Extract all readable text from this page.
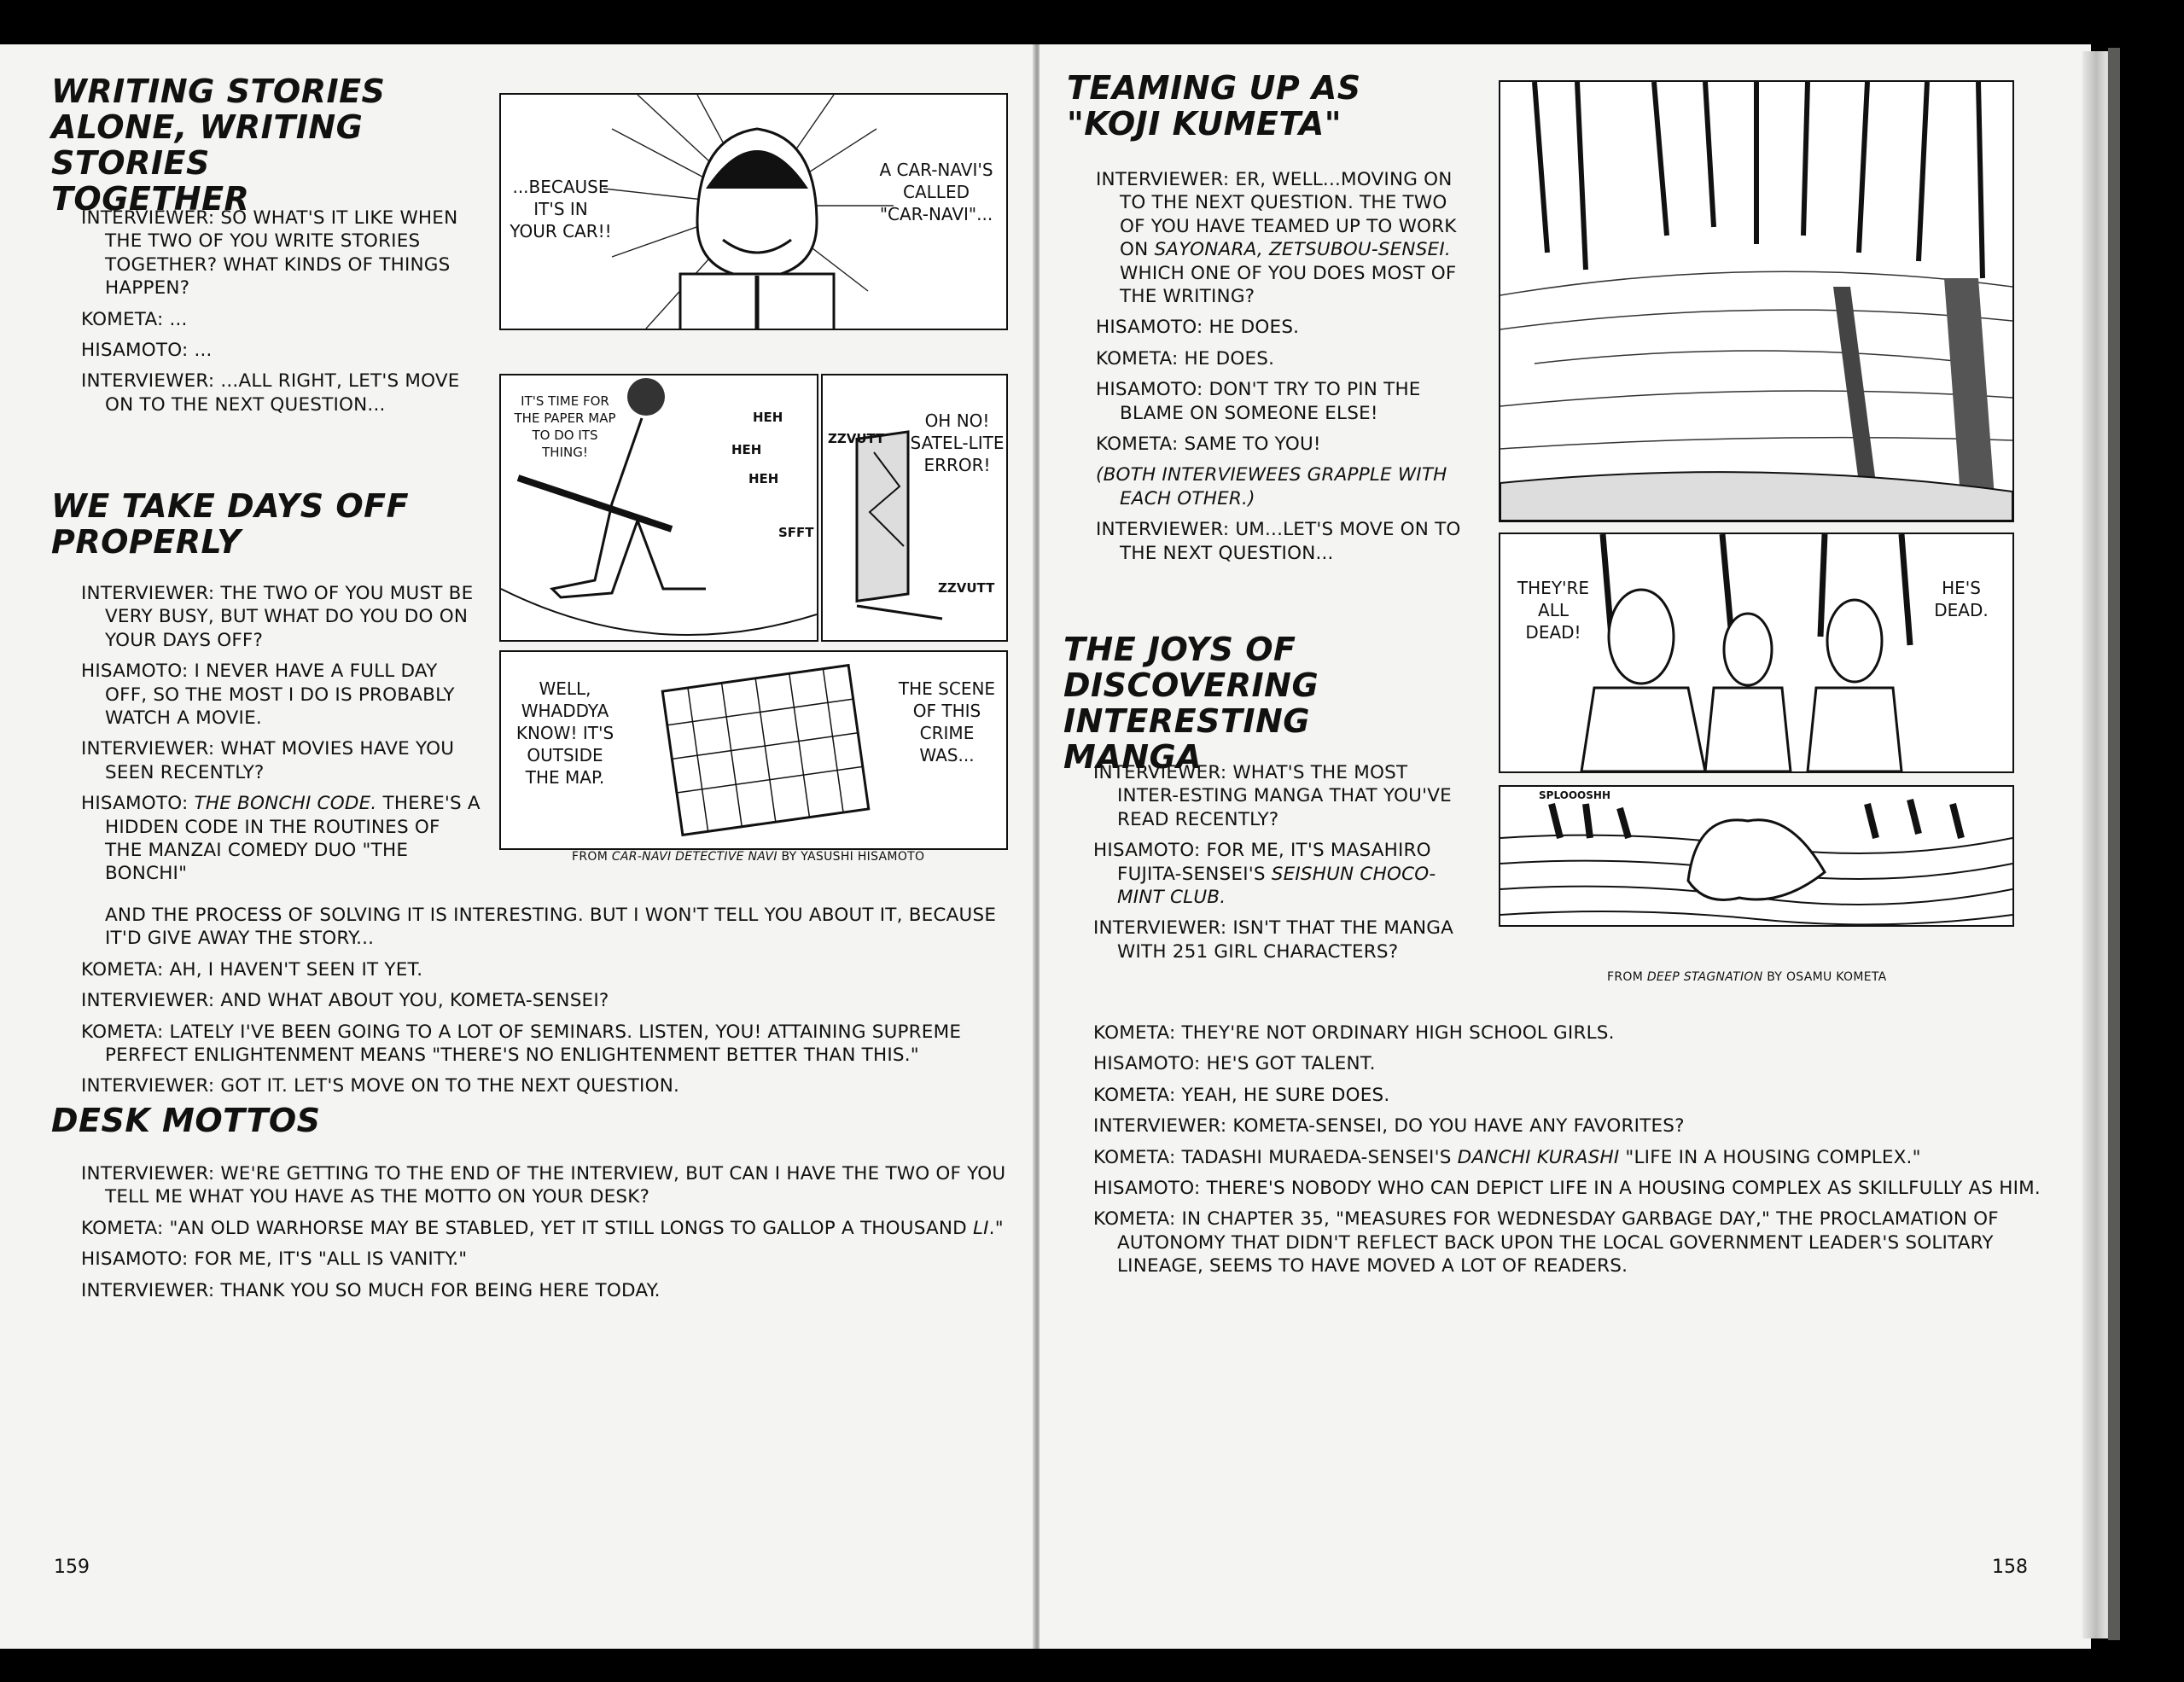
WRITING STORIES ALONE, WRITING STORIES TOGETHER

INTERVIEWER: SO WHAT'S IT LIKE WHEN THE TWO OF YOU WRITE STORIES TOGETHER? WHAT KINDS OF THINGS HAPPEN?

KOMETA: ...

HISAMOTO: ...

INTERVIEWER: ...ALL RIGHT, LET'S MOVE ON TO THE NEXT QUESTION...

WE TAKE DAYS OFF PROPERLY

INTERVIEWER: THE TWO OF YOU MUST BE VERY BUSY, BUT WHAT DO YOU DO ON YOUR DAYS OFF?

HISAMOTO: I NEVER HAVE A FULL DAY OFF, SO THE MOST I DO IS PROBABLY WATCH A MOVIE.

INTERVIEWER: WHAT MOVIES HAVE YOU SEEN RECENTLY?

HISAMOTO: THE BONCHI CODE. THERE'S A HIDDEN CODE IN THE ROUTINES OF THE MANZAI COMEDY DUO "THE BONCHI"

AND THE PROCESS OF SOLVING IT IS INTERESTING. BUT I WON'T TELL YOU ABOUT IT, BECAUSE IT'D GIVE AWAY THE STORY...

KOMETA: AH, I HAVEN'T SEEN IT YET.

INTERVIEWER: AND WHAT ABOUT YOU, KOMETA-SENSEI?

KOMETA: LATELY I'VE BEEN GOING TO A LOT OF SEMINARS. LISTEN, YOU! ATTAINING SUPREME PERFECT ENLIGHTENMENT MEANS "THERE'S NO ENLIGHTENMENT BETTER THAN THIS."

INTERVIEWER: GOT IT. LET'S MOVE ON TO THE NEXT QUESTION.

DESK MOTTOS

INTERVIEWER: WE'RE GETTING TO THE END OF THE INTERVIEW, BUT CAN I HAVE THE TWO OF YOU TELL ME WHAT YOU HAVE AS THE MOTTO ON YOUR DESK?

KOMETA: "AN OLD WARHORSE MAY BE STABLED, YET IT STILL LONGS TO GALLOP A THOUSAND LI."

HISAMOTO: FOR ME, IT'S "ALL IS VANITY."

INTERVIEWER: THANK YOU SO MUCH FOR BEING HERE TODAY.

...BECAUSE IT'S IN YOUR CAR!!
A CAR-NAVI'S CALLED "CAR-NAVI"...
IT'S TIME FOR THE PAPER MAP TO DO ITS THING!
HEH
HEH
HEH
SFFT
ZZVUTT
ZZVUTT
OH NO! SATEL-LITE ERROR!
WELL, WHADDYA KNOW! IT'S OUTSIDE THE MAP.
THE SCENE OF THIS CRIME WAS...
FROM CAR-NAVI DETECTIVE NAVI BY YASUSHI HISAMOTO
159
TEAMING UP AS "KOJI KUMETA"

INTERVIEWER: ER, WELL...MOVING ON TO THE NEXT QUESTION. THE TWO OF YOU HAVE TEAMED UP TO WORK ON SAYONARA, ZETSUBOU-SENSEI. WHICH ONE OF YOU DOES MOST OF THE WRITING?

HISAMOTO: HE DOES.

KOMETA: HE DOES.

HISAMOTO: DON'T TRY TO PIN THE BLAME ON SOMEONE ELSE!

KOMETA: SAME TO YOU!

(BOTH INTERVIEWEES GRAPPLE WITH EACH OTHER.)

INTERVIEWER: UM...LET'S MOVE ON TO THE NEXT QUESTION...

THE JOYS OF DISCOVERING INTERESTING MANGA

INTERVIEWER: WHAT'S THE MOST INTER-ESTING MANGA THAT YOU'VE READ RECENTLY?

HISAMOTO: FOR ME, IT'S MASAHIRO FUJITA-SENSEI'S SEISHUN CHOCO-MINT CLUB.

INTERVIEWER: ISN'T THAT THE MANGA WITH 251 GIRL CHARACTERS?

KOMETA: THEY'RE NOT ORDINARY HIGH SCHOOL GIRLS.

HISAMOTO: HE'S GOT TALENT.

KOMETA: YEAH, HE SURE DOES.

INTERVIEWER: KOMETA-SENSEI, DO YOU HAVE ANY FAVORITES?

KOMETA: TADASHI MURAEDA-SENSEI'S DANCHI KURASHI "LIFE IN A HOUSING COMPLEX."

HISAMOTO: THERE'S NOBODY WHO CAN DEPICT LIFE IN A HOUSING COMPLEX AS SKILLFULLY AS HIM.

KOMETA: IN CHAPTER 35, "MEASURES FOR WEDNESDAY GARBAGE DAY," THE PROCLAMATION OF AUTONOMY THAT DIDN'T REFLECT BACK UPON THE LOCAL GOVERNMENT LEADER'S SOLITARY LINEAGE, SEEMS TO HAVE MOVED A LOT OF READERS.

THEY'RE ALL DEAD!
HE'S DEAD.
SPLOOOSHH
FROM DEEP STAGNATION BY OSAMU KOMETA
158
